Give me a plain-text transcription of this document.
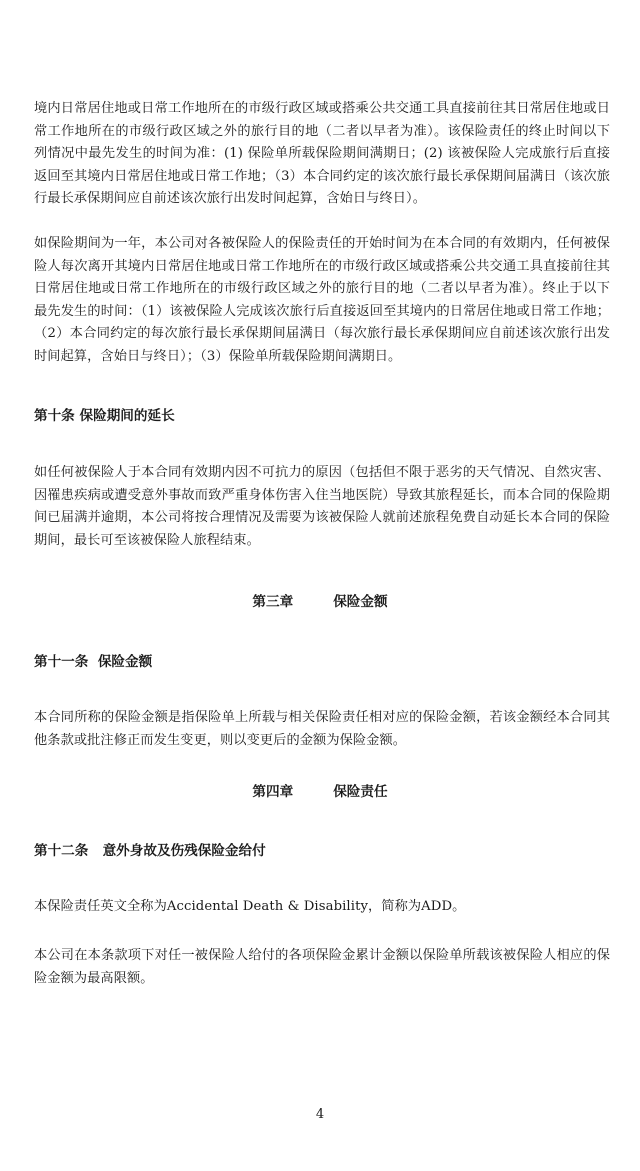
境内日常居住地或日常工作地所在的市级行政区域或搭乘公共交通工具直接前往其日常居住地或日常工作地所在的市级行政区域之外的旅行目的地（二者以早者为准）。该保险责任的终止时间以下列情况中最先发生的时间为准：(1) 保险单所载保险期间满期日；(2) 该被保险人完成旅行后直接返回至其境内日常居住地或日常工作地；（3）本合同约定的该次旅行最长承保期间届满日（该次旅行最长承保期间应自前述该次旅行出发时间起算，含始日与终日）。

如保险期间为一年，本公司对各被保险人的保险责任的开始时间为在本合同的有效期内，任何被保险人每次离开其境内日常居住地或日常工作地所在的市级行政区域或搭乘公共交通工具直接前往其日常居住地或日常工作地所在的市级行政区域之外的旅行目的地（二者以早者为准）。终止于以下最先发生的时间：（1）该被保险人完成该次旅行后直接返回至其境内的日常居住地或日常工作地；（2）本合同约定的每次旅行最长承保期间届满日（每次旅行最长承保期间应自前述该次旅行出发时间起算，含始日与终日）；（3）保险单所载保险期间满期日。

第十条 保险期间的延长

如任何被保险人于本合同有效期内因不可抗力的原因（包括但不限于恶劣的天气情况、自然灾害、因罹患疾病或遭受意外事故而致严重身体伤害入住当地医院）导致其旅程延长，而本合同的保险期间已届满并逾期，本公司将按合理情况及需要为该被保险人就前述旅程免费自动延长本合同的保险期间，最长可至该被保险人旅程结束。

第三章	保险金额

第十一条  保险金额

本合同所称的保险金额是指保险单上所载与相关保险责任相对应的保险金额，若该金额经本合同其他条款或批注修正而发生变更，则以变更后的金额为保险金额。

第四章	保险责任

第十二条   意外身故及伤残保险金给付

本保险责任英文全称为Accidental Death & Disability，简称为ADD。

本公司在本条款项下对任一被保险人给付的各项保险金累计金额以保险单所载该被保险人相应的保险金额为最高限额。

4
